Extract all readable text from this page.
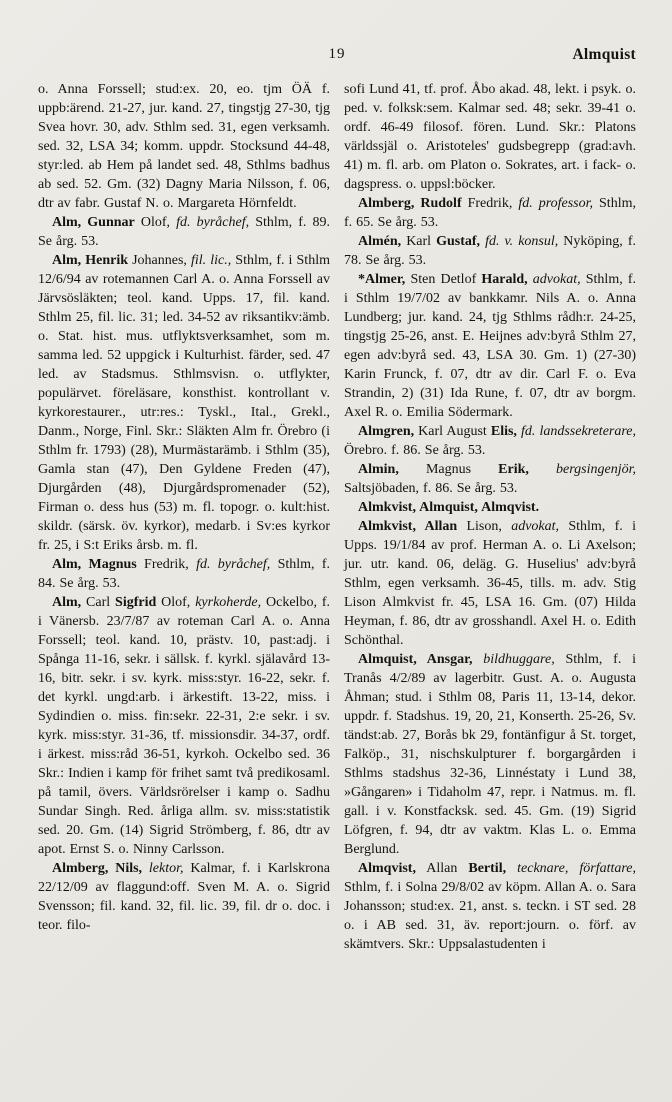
19	Almquist

o. Anna Forssell; stud:ex. 20, eo. tjm ÖÄ f. uppb:ärend. 21-27, jur. kand. 27, tingstjg 27-30, tjg Svea hovr. 30, adv. Sthlm sed. 31, egen verksamh. sed. 32, LSA 34; komm. uppdr. Stocksund 44-48, styr:led. ab Hem på landet sed. 48, Sthlms badhus ab sed. 52. Gm. (32) Dagny Maria Nilsson, f. 06, dtr av fabr. Gustaf N. o. Margareta Hörnfeldt.

Alm, Gunnar Olof, fd. byråchef, Sthlm, f. 89. Se årg. 53.

Alm, Henrik Johannes, fil. lic., Sthlm, f. i Sthlm 12/6/94 av rotemannen Carl A. o. Anna Forssell av Järvsösläkten; teol. kand. Upps. 17, fil. kand. Sthlm 25, fil. lic. 31; led. 34-52 av riksantikv:ämb. o. Stat. hist. mus. utflyktsverksamhet, som m. samma led. 52 uppgick i Kulturhist. färder, sed. 47 led. av Stadsmus. Sthlmsvisn. o. utflykter, populärvet. föreläsare, konsthist. kontrollant v. kyrkorestaurer., utr:res.: Tyskl., Ital., Grekl., Danm., Norge, Finl. Skr.: Släkten Alm fr. Örebro (i Sthlm fr. 1793) (28), Murmästarämb. i Sthlm (35), Gamla stan (47), Den Gyldene Freden (47), Djurgården (48), Djurgårdspromenader (52), Firman o. dess hus (53) m. fl. topogr. o. kult:hist. skildr. (särsk. öv. kyrkor), medarb. i Sv:es kyrkor fr. 25, i S:t Eriks årsb. m. fl.

Alm, Magnus Fredrik, fd. byråchef, Sthlm, f. 84. Se årg. 53.

Alm, Carl Sigfrid Olof, kyrkoherde, Ockelbo, f. i Vänersb. 23/7/87 av roteman Carl A. o. Anna Forssell; teol. kand. 10, prästv. 10, past:adj. i Spånga 11-16, sekr. i sällsk. f. kyrkl. själavård 13-16, bitr. sekr. i sv. kyrk. miss:styr. 16-22, sekr. f. det kyrkl. ungd:arb. i ärkestift. 13-22, miss. i Sydindien o. miss. fin:sekr. 22-31, 2:e sekr. i sv. kyrk. miss:styr. 31-36, tf. missionsdir. 34-37, ordf. i ärkest. miss:råd 36-51, kyrkoh. Ockelbo sed. 36 Skr.: Indien i kamp för frihet samt två predikosaml. på tamil, övers. Världsrörelser i kamp o. Sadhu Sundar Singh. Red. årliga allm. sv. miss:statistik sed. 20. Gm. (14) Sigrid Strömberg, f. 86, dtr av apot. Ernst S. o. Ninny Carlsson.

Almberg, Nils, lektor, Kalmar, f. i Karlskrona 22/12/09 av flaggund:off. Sven M. A. o. Sigrid Svensson; fil. kand. 32, fil. lic. 39, fil. dr o. doc. i teor. filo-

sofi Lund 41, tf. prof. Åbo akad. 48, lekt. i psyk. o. ped. v. folksk:sem. Kalmar sed. 48; sekr. 39-41 o. ordf. 46-49 filosof. fören. Lund. Skr.: Platons världssjäl o. Aristoteles' gudsbegrepp (grad:avh. 41) m. fl. arb. om Platon o. Sokrates, art. i fack- o. dagspress. o. uppsl:böcker.

Almberg, Rudolf Fredrik, fd. professor, Sthlm, f. 65. Se årg. 53.

Almén, Karl Gustaf, fd. v. konsul, Nyköping, f. 78. Se årg. 53.

*Almer, Sten Detlof Harald, advokat, Sthlm, f. i Sthlm 19/7/02 av bankkamr. Nils A. o. Anna Lundberg; jur. kand. 24, tjg Sthlms rådh:r. 24-25, tingstjg 25-26, anst. E. Heijnes adv:byrå Sthlm 27, egen adv:byrå sed. 43, LSA 30. Gm. 1) (27-30) Karin Frunck, f. 07, dtr av dir. Carl F. o. Eva Strandin, 2) (31) Ida Rune, f. 07, dtr av borgm. Axel R. o. Emilia Södermark.

Almgren, Karl August Elis, fd. landssekreterare, Örebro. f. 86. Se årg. 53.

Almin, Magnus Erik, bergsingenjör, Saltsjöbaden, f. 86. Se årg. 53.

Almkvist, Almquist, Almqvist.

Almkvist, Allan Lison, advokat, Sthlm, f. i Upps. 19/1/84 av prof. Herman A. o. Li Axelson; jur. utr. kand. 06, deläg. G. Huselius' adv:byrå Sthlm, egen verksamh. 36-45, tills. m. adv. Stig Lison Almkvist fr. 45, LSA 16. Gm. (07) Hilda Heyman, f. 86, dtr av grosshandl. Axel H. o. Edith Schönthal.

Almquist, Ansgar, bildhuggare, Sthlm, f. i Tranås 4/2/89 av lagerbitr. Gust. A. o. Augusta Åhman; stud. i Sthlm 08, Paris 11, 13-14, dekor. uppdr. f. Stadshus. 19, 20, 21, Konserth. 25-26, Sv. tändst:ab. 27, Borås bk 29, fontänfigur å St. torget, Falköp., 31, nischskulpturer f. borgargården i Sthlms stadshus 32-36, Linnéstaty i Lund 38, »Gångaren» i Tidaholm 47, repr. i Natmus. m. fl. gall. i v. Konstfacksk. sed. 45. Gm. (19) Sigrid Löfgren, f. 94, dtr av vaktm. Klas L. o. Emma Berglund.

Almqvist, Allan Bertil, tecknare, författare, Sthlm, f. i Solna 29/8/02 av köpm. Allan A. o. Sara Johansson; stud:ex. 21, anst. s. teckn. i ST sed. 28 o. i AB sed. 31, äv. report:journ. o. förf. av skämtvers. Skr.: Uppsalastudenten i
